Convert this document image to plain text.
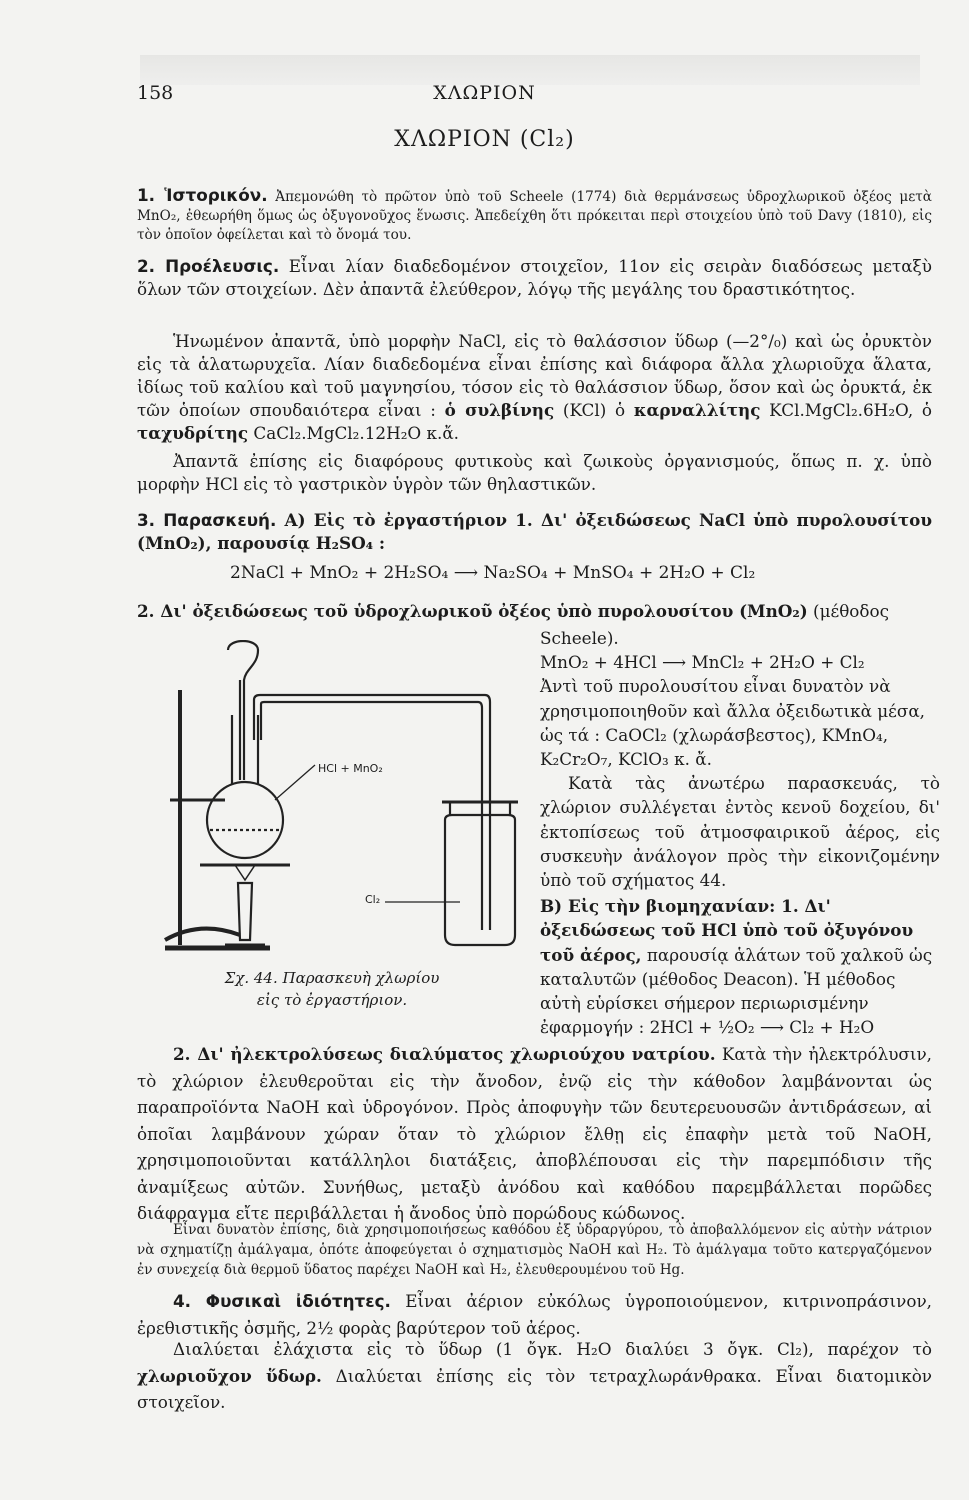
158	ΧΛΩΡΙΟΝ
ΧΛΩΡΙΟΝ (Cl₂)
1. Ἱστορικόν. Ἀπεμονώθη τὸ πρῶτον ὑπὸ τοῦ Scheele (1774) διὰ θερμάνσεως ὑδροχλωρικοῦ ὀξέος μετὰ MnO₂, ἐθεωρήθη ὅμως ὡς ὀξυγονοῦχος ἕνωσις. Ἀπεδείχθη ὅτι πρόκειται περὶ στοιχείου ὑπὸ τοῦ Davy (1810), εἰς τὸν ὁποῖον ὀφείλεται καὶ τὸ ὄνομά του.
2. Προέλευσις. Εἶναι λίαν διαδεδομένον στοιχεῖον, 11ον εἰς σειρὰν διαδόσεως μεταξὺ ὅλων τῶν στοιχείων. Δὲν ἀπαντᾶ ἐλεύθερον, λόγῳ τῆς μεγάλης του δραστικότητος.
Ἡνωμένον ἀπαντᾶ, ὑπὸ μορφὴν NaCl, εἰς τὸ θαλάσσιον ὕδωρ (—2°/₀) καὶ ὡς ὀρυκτὸν εἰς τὰ ἁλατωρυχεῖα. Λίαν διαδεδομένα εἶναι ἐπίσης καὶ διάφορα ἄλλα χλωριοῦχα ἅλατα, ἰδίως τοῦ καλίου καὶ τοῦ μαγνησίου, τόσον εἰς τὸ θαλάσσιον ὕδωρ, ὅσον καὶ ὡς ὀρυκτά, ἐκ τῶν ὁποίων σπουδαιότερα εἶναι : ὁ συλβίνης (KCl) ὁ καρναλλίτης KCl.MgCl₂.6H₂O, ὁ ταχυδρίτης CaCl₂.MgCl₂.12H₂O κ.ἄ.
Ἀπαντᾶ ἐπίσης εἰς διαφόρους φυτικοὺς καὶ ζωικοὺς ὀργανισμούς, ὅπως π. χ. ὑπὸ μορφὴν HCl εἰς τὸ γαστρικὸν ὑγρὸν τῶν θηλαστικῶν.
3. Παρασκευή. Α) Εἰς τὸ ἐργαστήριον 1. Δι' ὀξειδώσεως NaCl ὑπὸ πυρολουσίτου (MnO₂), παρουσίᾳ H₂SO₄ :
2NaCl + MnO₂ + 2H₂SO₄ ⟶ Na₂SO₄ + MnSO₄ + 2H₂O + Cl₂
2. Δι' ὀξειδώσεως τοῦ ὑδροχλωρικοῦ ὀξέος ὑπὸ πυρολουσίτου (MnO₂) (μέθοδος
Scheele).
MnO₂ + 4HCl ⟶ MnCl₂ + 2H₂O + Cl₂
Ἀντὶ τοῦ πυρολουσίτου εἶναι δυνατὸν νὰ χρησιμοποιηθοῦν καὶ ἄλλα ὀξειδωτικὰ μέσα, ὡς τά : CaOCl₂ (χλωράσβεστος), KMnO₄, K₂Cr₂O₇, KClO₃ κ. ἄ.
Κατὰ τὰς ἀνωτέρω παρασκευάς, τὸ χλώριον συλλέγεται ἐντὸς κενοῦ δοχείου, δι' ἐκτοπίσεως τοῦ ἀτμοσφαιρικοῦ ἀέρος, εἰς συσκευὴν ἀνάλογον πρὸς τὴν εἰκονιζομένην ὑπὸ τοῦ σχήματος 44.
Β) Εἰς τὴν βιομηχανίαν: 1. Δι' ὀξειδώσεως τοῦ HCl ὑπὸ τοῦ ὀξυγόνου τοῦ ἀέρος, παρουσίᾳ ἁλάτων τοῦ χαλκοῦ ὡς καταλυτῶν (μέθοδος Deacon). Ἡ μέθοδος αὐτὴ εὑρίσκει σήμερον περιωρισμένην ἐφαρμογήν : 2HCl + ½O₂ ⟶ Cl₂ + H₂O
HCl + MnO₂
Cl₂
Σχ. 44. Παρασκευὴ χλωρίου
εἰς τὸ ἐργαστήριον.
2. Δι' ἠλεκτρολύσεως διαλύματος χλωριούχου νατρίου. Κατὰ τὴν ἠλεκτρόλυσιν, τὸ χλώριον ἐλευθεροῦται εἰς τὴν ἄνοδον, ἐνῷ εἰς τὴν κάθοδον λαμβάνονται ὡς παραπροϊόντα NaOH καὶ ὑδρογόνον. Πρὸς ἀποφυγὴν τῶν δευτερευουσῶν ἀντιδράσεων, αἱ ὁποῖαι λαμβάνουν χώραν ὅταν τὸ χλώριον ἔλθῃ εἰς ἐπαφὴν μετὰ τοῦ NaOH, χρησιμοποιοῦνται κατάλληλοι διατάξεις, ἀποβλέπουσαι εἰς τὴν παρεμπόδισιν τῆς ἀναμίξεως αὐτῶν. Συνήθως, μεταξὺ ἀνόδου καὶ καθόδου παρεμβάλλεται πορῶδες διάφραγμα εἴτε περιβάλλεται ἡ ἄνοδος ὑπὸ πορώδους κώδωνος.
Εἶναι δυνατὸν ἐπίσης, διὰ χρησιμοποιήσεως καθόδου ἐξ ὑδραργύρου, τὸ ἀποβαλλόμενον εἰς αὐτὴν νάτριον νὰ σχηματίζῃ ἀμάλγαμα, ὁπότε ἀποφεύγεται ὁ σχηματισμὸς NaOH καὶ H₂. Τὸ ἀμάλγαμα τοῦτο κατεργαζόμενον ἐν συνεχείᾳ διὰ θερμοῦ ὕδατος παρέχει NaOH καὶ H₂, ἐλευθερουμένου τοῦ Hg.
4. Φυσικαὶ ἰδιότητες. Εἶναι ἀέριον εὐκόλως ὑγροποιούμενον, κιτρινοπράσινον, ἐρεθιστικῆς ὀσμῆς, 2½ φορὰς βαρύτερον τοῦ ἀέρος.
Διαλύεται ἐλάχιστα εἰς τὸ ὕδωρ (1 ὄγκ. H₂O διαλύει 3 ὄγκ. Cl₂), παρέχον τὸ χλωριοῦχον ὕδωρ. Διαλύεται ἐπίσης εἰς τὸν τετραχλωράνθρακα. Εἶναι διατομικὸν στοιχεῖον.
